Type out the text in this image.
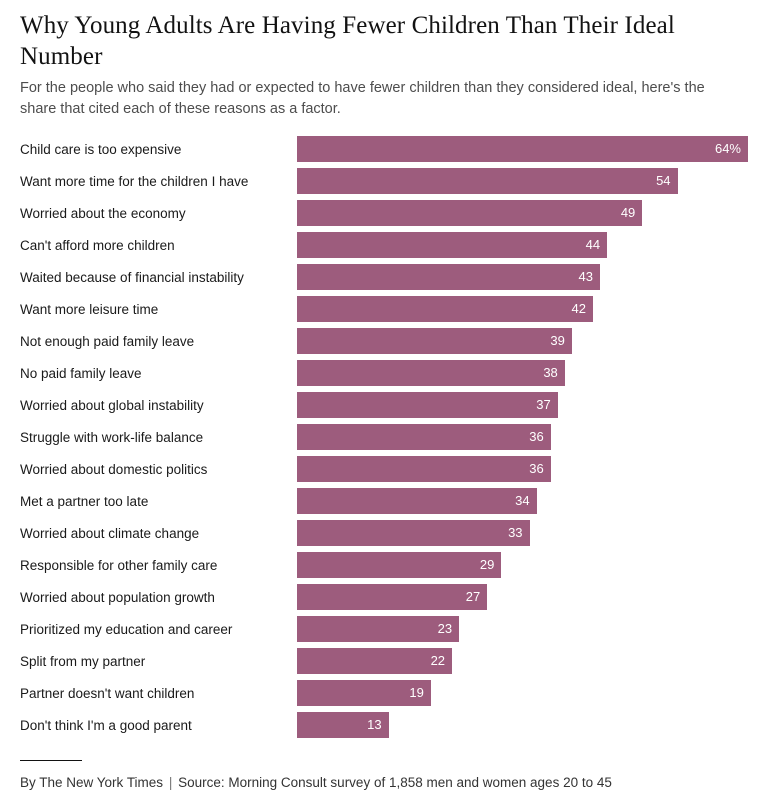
Why Young Adults Are Having Fewer Children Than Their Ideal Number

For the people who said they had or expected to have fewer children than they considered ideal, here's the share that cited each of these reasons as a factor.

Child care is too expensive	64%
Want more time for the children I have	54
Worried about the economy	49
Can't afford more children	44
Waited because of financial instability	43
Want more leisure time	42
Not enough paid family leave	39
No paid family leave	38
Worried about global instability	37
Struggle with work-life balance	36
Worried about domestic politics	36
Met a partner too late	34
Worried about climate change	33
Responsible for other family care	29
Worried about population growth	27
Prioritized my education and career	23
Split from my partner	22
Partner doesn't want children	19
Don't think I'm a good parent	13
By The New York Times | Source: Morning Consult survey of 1,858 men and women ages 20 to 45
